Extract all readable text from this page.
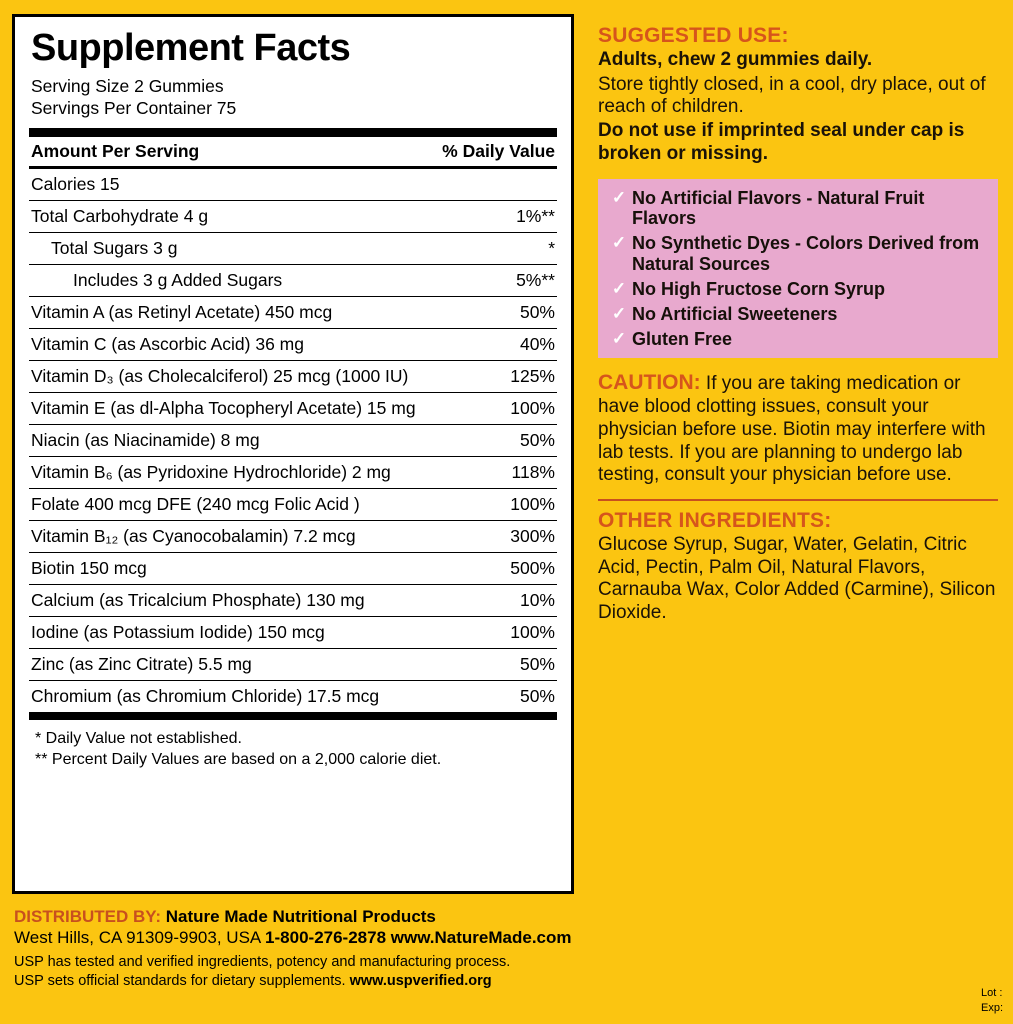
Supplement Facts
Serving Size 2 Gummies
Servings Per Container 75
Amount Per Serving	% Daily Value
Calories 15
Total Carbohydrate 4 g	1%**
Total Sugars 3 g	*
Includes 3 g Added Sugars	5%**
Vitamin A (as Retinyl Acetate) 450 mcg	50%
Vitamin C (as Ascorbic Acid) 36 mg	40%
Vitamin D₃ (as Cholecalciferol) 25 mcg (1000 IU)	125%
Vitamin E (as dl-Alpha Tocopheryl Acetate) 15 mg	100%
Niacin (as Niacinamide) 8 mg	50%
Vitamin B₆ (as Pyridoxine Hydrochloride) 2 mg	118%
Folate 400 mcg DFE (240 mcg Folic Acid )	100%
Vitamin B₁₂ (as Cyanocobalamin) 7.2 mcg	300%
Biotin 150 mcg	500%
Calcium (as Tricalcium Phosphate) 130 mg	10%
Iodine (as Potassium Iodide) 150 mcg	100%
Zinc (as Zinc Citrate) 5.5 mg	50%
Chromium (as Chromium Chloride) 17.5 mcg	50%
* Daily Value not established.
** Percent Daily Values are based on a 2,000 calorie diet.
DISTRIBUTED BY: Nature Made Nutritional Products
West Hills, CA 91309-9903, USA 1-800-276-2878 www.NatureMade.com
USP has tested and verified ingredients, potency and manufacturing process.
USP sets official standards for dietary supplements. www.uspverified.org
SUGGESTED USE:
Adults, chew 2 gummies daily.
Store tightly closed, in a cool, dry place, out of reach of children.
Do not use if imprinted seal under cap is broken or missing.
✓ No Artificial Flavors - Natural Fruit Flavors
✓ No Synthetic Dyes - Colors Derived from Natural Sources
✓ No High Fructose Corn Syrup
✓ No Artificial Sweeteners
✓ Gluten Free
CAUTION: If you are taking medication or have blood clotting issues, consult your physician before use. Biotin may interfere with lab tests. If you are planning to undergo lab testing, consult your physician before use.
OTHER INGREDIENTS:
Glucose Syrup, Sugar, Water, Gelatin, Citric Acid, Pectin, Palm Oil, Natural Flavors, Carnauba Wax, Color Added (Carmine), Silicon Dioxide.
Lot :
Exp:
